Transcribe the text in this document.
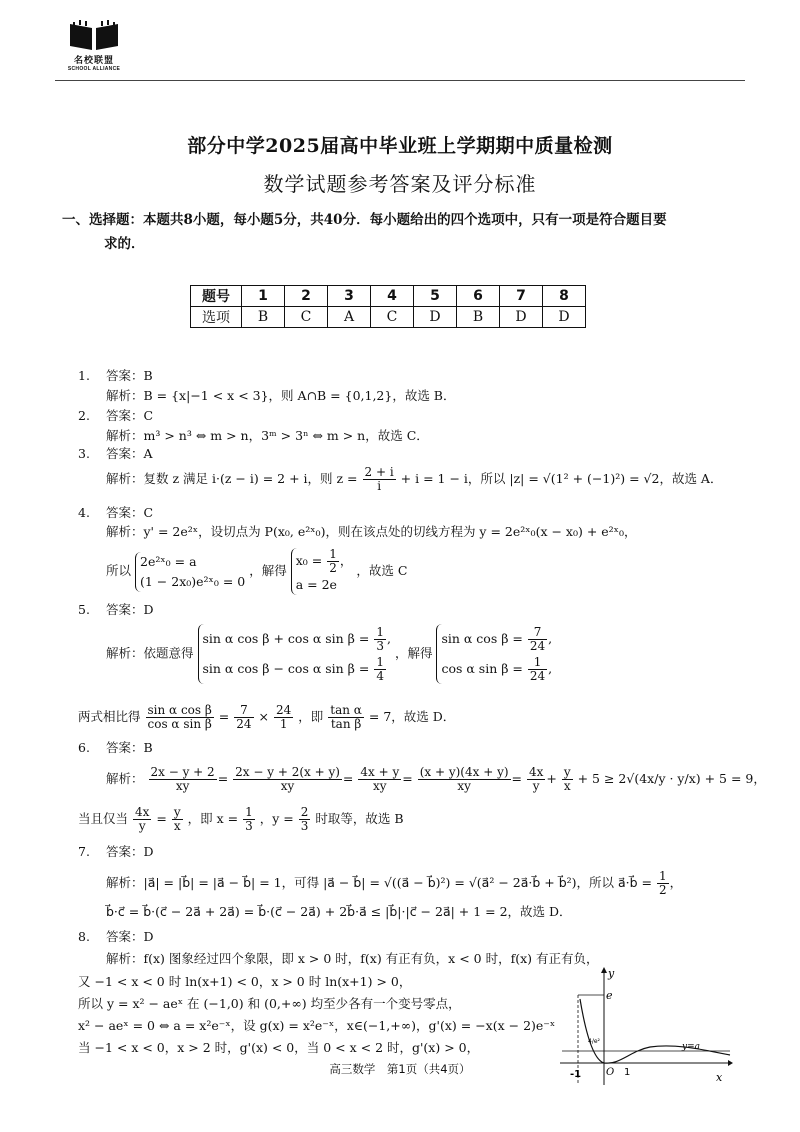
名校联盟
SCHOOL ALLIANCE
部分中学2025届高中毕业班上学期期中质量检测
数学试题参考答案及评分标准
一、选择题：本题共8小题，每小题5分，共40分．每小题给出的四个选项中，只有一项是符合题目要
求的．
题号	1	2	3	4	5	6	7	8
选项	B	C	A	C	D	B	D	D
1. 答案：B
解析：B = {x|−1 < x < 3}，则 A∩B = {0,1,2}，故选 B．
2. 答案：C
解析：m³ > n³ ⇔ m > n，3ᵐ > 3ⁿ ⇔ m > n，故选 C．
3. 答案：A
解析：复数 z 满足 i·(z − i) = 2 + i，则 $z = \frac{2 + i}{i} + i = 1 - i$，所以 |z| = √(1² + (−1)²) = √2，故选 A．
4. 答案：C
解析：y' = 2e²ˣ，设切点为 P(x₀, e²ˣ₀)，则在该点处的切线方程为 y = 2e²ˣ₀(x − x₀) + e²ˣ₀，
所以
2e²ˣ₀ = a
(1 − 2x₀)e²ˣ₀ = 0
，解得
$x_0 = \frac{1}{2}$ ，
a = 2e
，故选 C
5. 答案：D
解析：依题意得
sin α cos β + cos α $\sin \beta = \frac{1}{3}$ ,
sin α cos β − cos α $\sin \beta = \frac{1}{4}$
，解得
sin α $\cos \beta = \frac{7}{24}$ ,
cos α $\sin \beta = \frac{1}{24}$ ,
两式相比得 $\frac{\text{sin α cos β}}{\text{cos α sin β}} = \frac{7}{24} \times \frac{24}{1}$ ，即 $\frac{\text{tan α}}{\text{tan β}} = 7$，故选 D．
6. 答案：B
解析： $\frac{2x - y + 2}{xy} = \frac{2x - y + 2(x + y)}{xy} = \frac{4x + y}{xy} = \frac{(x + y)(4x + y)}{xy} = \frac{4x}{y} + \frac{y}{x} + 5 \ge 2√(4x/y \cdot y/x) + 5 = 9$，
当且仅当 $\frac{4x}{y} = \frac{y}{x}$ ，即 $x = \frac{1}{3}$ ，$y = \frac{2}{3}$ 时取等，故选 B
7. 答案：D
解析：|a⃗| = |b⃗| = |a⃗ − b⃗| = 1，可得 |a⃗ − b⃗| = √((a⃗ − b⃗)²) = √(a⃗² − 2a⃗·b⃗ + b⃗²)，所以 a⃗·b⃗ = $\frac{1}{2}$ ，
b⃗·c⃗ = b⃗·(c⃗ − 2a⃗ + 2a⃗) = b⃗·(c⃗ − 2a⃗) + 2b⃗·a⃗ ≤ |b⃗|·|c⃗ − 2a⃗| + 1 = 2，故选 D．
8. 答案：D
解析：f(x) 图象经过四个象限，即 x > 0 时，f(x) 有正有负，x < 0 时，f(x) 有正有负，
又 −1 < x < 0 时 ln(x+1) < 0，x > 0 时 ln(x+1) > 0，
所以 y = x² − aeˣ 在 (−1,0) 和 (0,+∞) 均至少各有一个变号零点，
x² − aeˣ = 0 ⇔ a = x²e⁻ˣ，设 g(x) = x²e⁻ˣ，x∈(−1,+∞)，g'(x) = −x(x − 2)e⁻ˣ
当 −1 < x < 0，x > 2 时，g'(x) < 0，当 0 < x < 2 时，g'(x) > 0，
y
x
e
y=a
O
-1	1
4/e²
高三数学　第1页（共4页）
